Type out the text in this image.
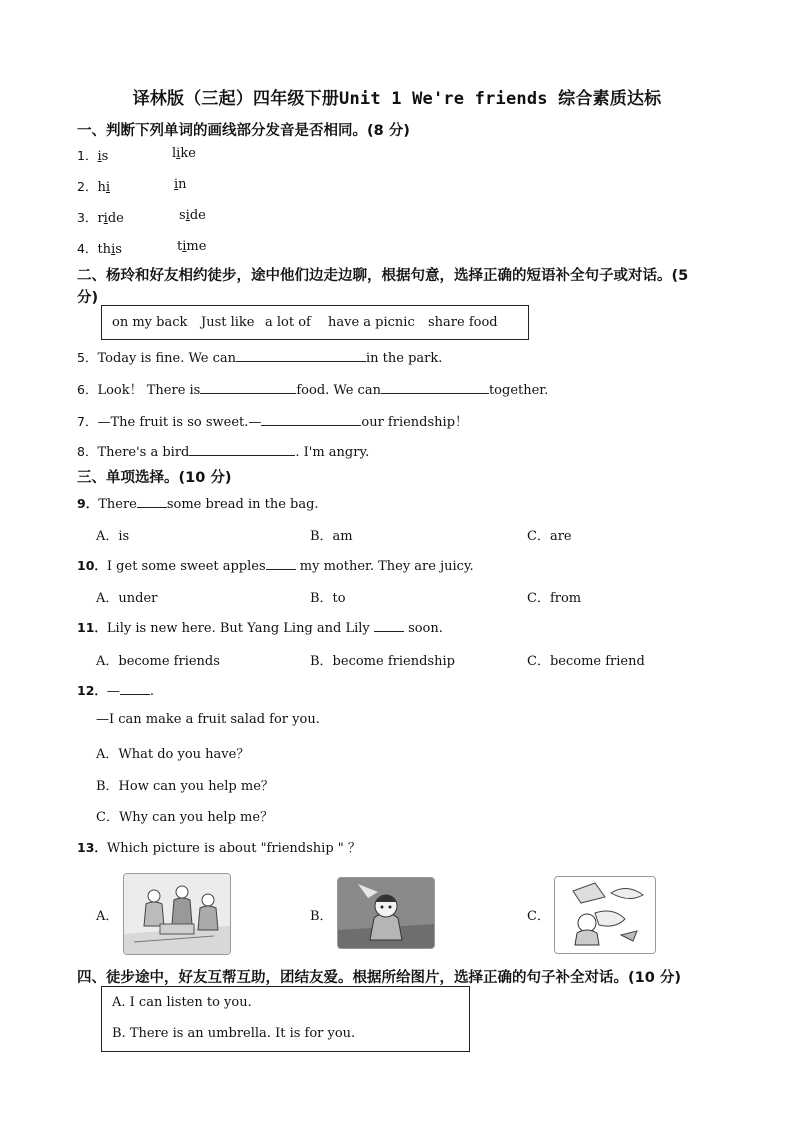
译林版（三起）四年级下册Unit 1 We're friends 综合素质达标
一、判断下列单词的画线部分发音是否相同。(8 分)
1．is	like
2．hi	in
3．ride	side
4．this	time
二、杨玲和好友相约徒步，途中他们边走边聊，根据句意，选择正确的短语补全句子或对话。(5
分)
on my back Just like a lot of have a picnic share food
5．Today is fine. We can	in the park.
6．Look！ There is	food. We can	together.
7．—The fruit is so sweet.—	our friendship！
8．There's a bird	. I'm angry.
三、单项选择。(10 分)
9．There some bread in the bag.
A．is	B．am	C．are
10．I get some sweet apples	my mother. They are juicy.
A．under	B．to	C．from
11．Lily is new here. But Yang Ling and Lily	soon.
A．become friends	B．become friendship	C．become friend
12．— .
—I can make a fruit salad for you.
A．What do you have？
B．How can you help me？
C．Why can you help me？
13．Which picture is about "friendship " ？
A．	B．	C．
四、徒步途中，好友互帮互助，团结友爱。根据所给图片，选择正确的句子补全对话。(10 分)
A. I can listen to you.
B. There is an umbrella. It is for you.
